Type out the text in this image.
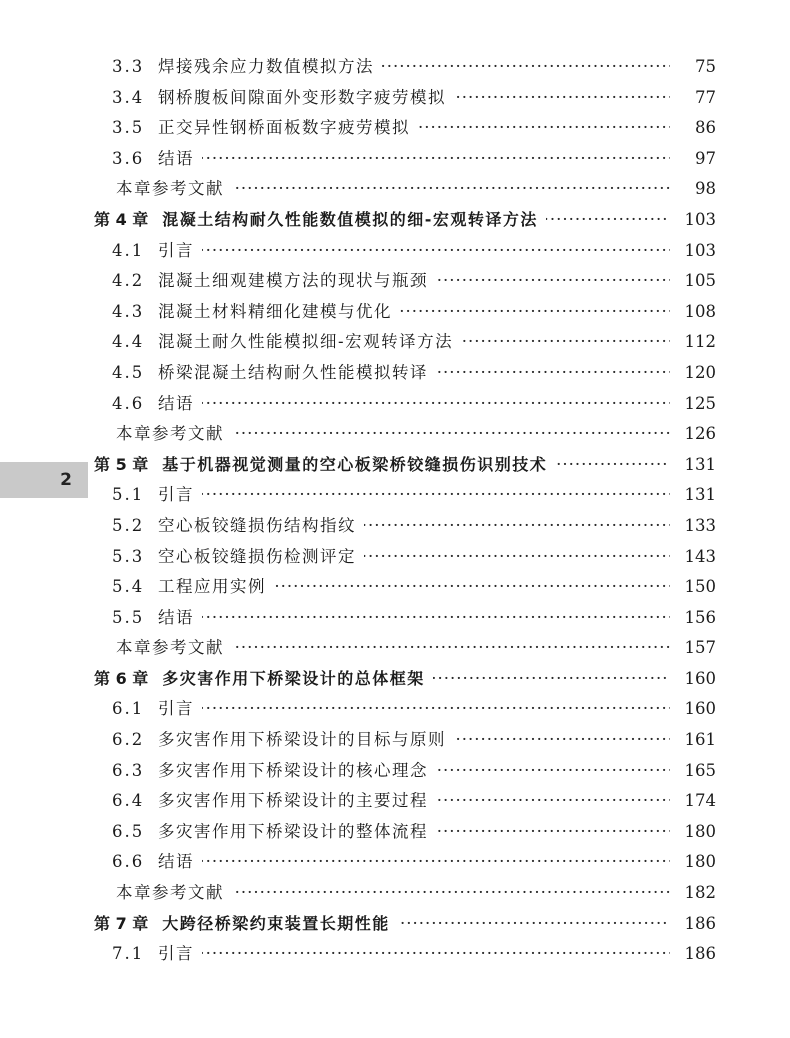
2
·····
3.3 焊接残余应力数值模拟方法	75
·····
3.4 钢桥腹板间隙面外变形数字疲劳模拟	77
·····
3.5 正交异性钢桥面板数字疲劳模拟	86
·····
3.6 结语	97
·····
本章参考文献	98
·····
第 4 章 混凝土结构耐久性能数值模拟的细-宏观转译方法	103
·····
4.1 引言	103
·····
4.2 混凝土细观建模方法的现状与瓶颈	105
·····
4.3 混凝土材料精细化建模与优化	108
·····
4.4 混凝土耐久性能模拟细-宏观转译方法	112
·····
4.5 桥梁混凝土结构耐久性能模拟转译	120
·····
4.6 结语	125
·····
本章参考文献	126
·····
第 5 章 基于机器视觉测量的空心板梁桥铰缝损伤识别技术	131
·····
5.1 引言	131
·····
5.2 空心板铰缝损伤结构指纹	133
·····
5.3 空心板铰缝损伤检测评定	143
·····
5.4 工程应用实例	150
·····
5.5 结语	156
·····
本章参考文献	157
·····
第 6 章 多灾害作用下桥梁设计的总体框架	160
·····
6.1 引言	160
·····
6.2 多灾害作用下桥梁设计的目标与原则	161
·····
6.3 多灾害作用下桥梁设计的核心理念	165
·····
6.4 多灾害作用下桥梁设计的主要过程	174
·····
6.5 多灾害作用下桥梁设计的整体流程	180
·····
6.6 结语	180
·····
本章参考文献	182
·····
第 7 章 大跨径桥梁约束装置长期性能	186
·····
7.1 引言	186
